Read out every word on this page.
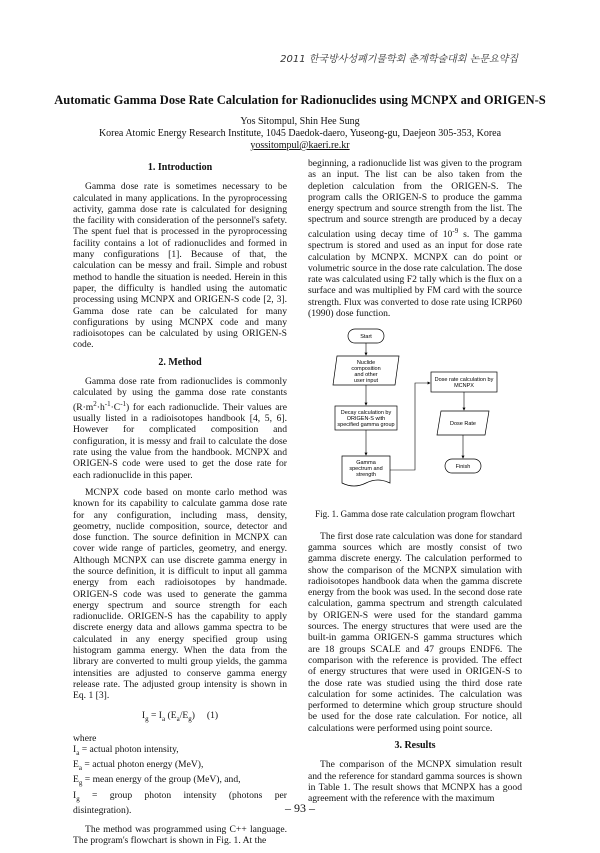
2011 한국방사성폐기물학회 춘계학술대회 논문요약집
Automatic Gamma Dose Rate Calculation for Radionuclides using MCNPX and ORIGEN-S
Yos Sitompul, Shin Hee Sung
Korea Atomic Energy Research Institute, 1045 Daedok-daero, Yuseong-gu, Daejeon 305-353, Korea
yossitompul@kaeri.re.kr
1. Introduction

Gamma dose rate is sometimes necessary to be calculated in many applications. In the pyroprocessing activity, gamma dose rate is calculated for designing the facility with consideration of the personnel's safety. The spent fuel that is processed in the pyroprocessing facility contains a lot of radionuclides and formed in many configurations [1]. Because of that, the calculation can be messy and frail. Simple and robust method to handle the situation is needed. Herein in this paper, the difficulty is handled using the automatic processing using MCNPX and ORIGEN-S code [2, 3]. Gamma dose rate can be calculated for many configurations by using MCNPX code and many radioisotopes can be calculated by using ORIGEN-S code.

2. Method

Gamma dose rate from radionuclides is commonly calculated by using the gamma dose rate constants $(R\cdot m^2\cdot h^{-1}\cdot C^{-1})$ for each radionuclide. Their values are usually listed in a radioisotopes handbook [4, 5, 6]. However for complicated composition and configuration, it is messy and frail to calculate the dose rate using the value from the handbook. MCNPX and ORIGEN-S code were used to get the dose rate for each radionuclide in this paper.

MCNPX code based on monte carlo method was known for its capability to calculate gamma dose rate for any configuration, including mass, density, geometry, nuclide composition, source, detector and dose function. The source definition in MCNPX can cover wide range of particles, geometry, and energy. Although MCNPX can use discrete gamma energy in the source definition, it is difficult to input all gamma energy from each radioisotopes by handmade. ORIGEN-S code was used to generate the gamma energy spectrum and source strength for each radionuclide. ORIGEN-S has the capability to apply discrete energy data and allows gamma spectra to be calculated in any energy specified group using histogram gamma energy. When the data from the library are converted to multi group yields, the gamma intensities are adjusted to conserve gamma energy release rate. The adjusted group intensity is shown in Eq. 1 [3].

$I_g = I_a$ $(E_a/E_g)$     (1)
where
$I_a$ = actual photon intensity,
$E_a$ = actual photon energy (MeV),
$E_g$ = mean energy of the group (MeV), and,
$I_g$ = group photon intensity (photons per disintegration).

The method was programmed using C++ language. The program's flowchart is shown in Fig. 1. At the

beginning, a radionuclide list was given to the program as an input. The list can be also taken from the depletion calculation from the ORIGEN-S. The program calls the ORIGEN-S to produce the gamma energy spectrum and source strength from the list. The spectrum and source strength are produced by a decay calculation using decay time of $10^{-9}$ s. The gamma spectrum is stored and used as an input for dose rate calculation by MCNPX. MCNPX can do point or volumetric source in the dose rate calculation. The dose rate was calculated using F2 tally which is the flux on a surface and was multiplied by FM card with the source strength. Flux was converted to dose rate using ICRP60 (1990) dose function.

Start
Nuclide
composition
and other
user input
Decay calculation by
ORIGEN-S with
specified gamma group
Gamma
spectrum and
strength
Dose rate calculation by
MCNPX
Dose Rate
Finish
Fig. 1. Gamma dose rate calculation program flowchart

The first dose rate calculation was done for standard gamma sources which are mostly consist of two gamma discrete energy. The calculation performed to show the comparison of the MCNPX simulation with radioisotopes handbook data when the gamma discrete energy from the book was used. In the second dose rate calculation, gamma spectrum and strength calculated by ORIGEN-S were used for the standard gamma sources. The energy structures that were used are the built-in gamma ORIGEN-S gamma structures which are 18 groups SCALE and 47 groups ENDF6. The comparison with the reference is provided. The effect of energy structures that were used in ORIGEN-S to the dose rate was studied using the third dose rate calculation for some actinides. The calculation was performed to determine which group structure should be used for the dose rate calculation. For notice, all calculations were performed using point source.

3. Results

The comparison of the MCNPX simulation result and the reference for standard gamma sources is shown in Table 1. The result shows that MCNPX has a good agreement with the reference with the maximum

– 93 –
